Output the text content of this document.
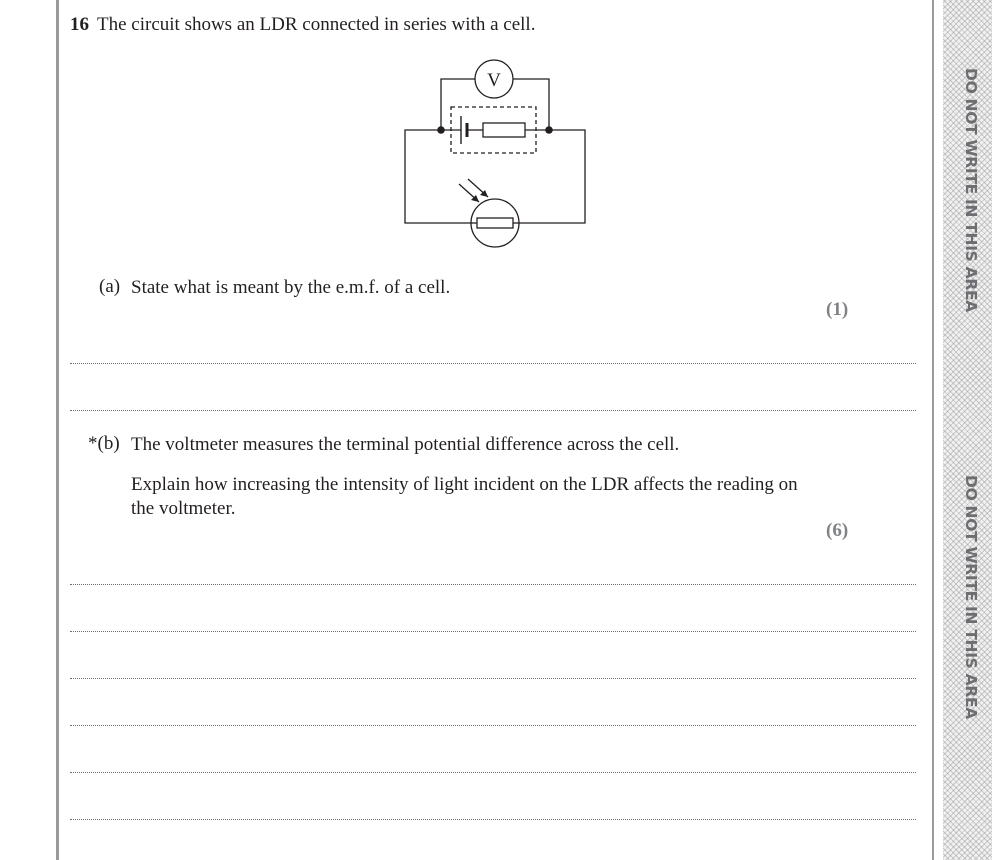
DO NOT WRITE IN THIS AREA
DO NOT WRITE IN THIS AREA
16 The circuit shows an LDR connected in series with a cell.
V
(a) State what is meant by the e.m.f. of a cell.
(1)
*(b) The voltmeter measures the terminal potential difference across the cell.
Explain how increasing the intensity of light incident on the LDR affects the reading on the voltmeter.
(6)
